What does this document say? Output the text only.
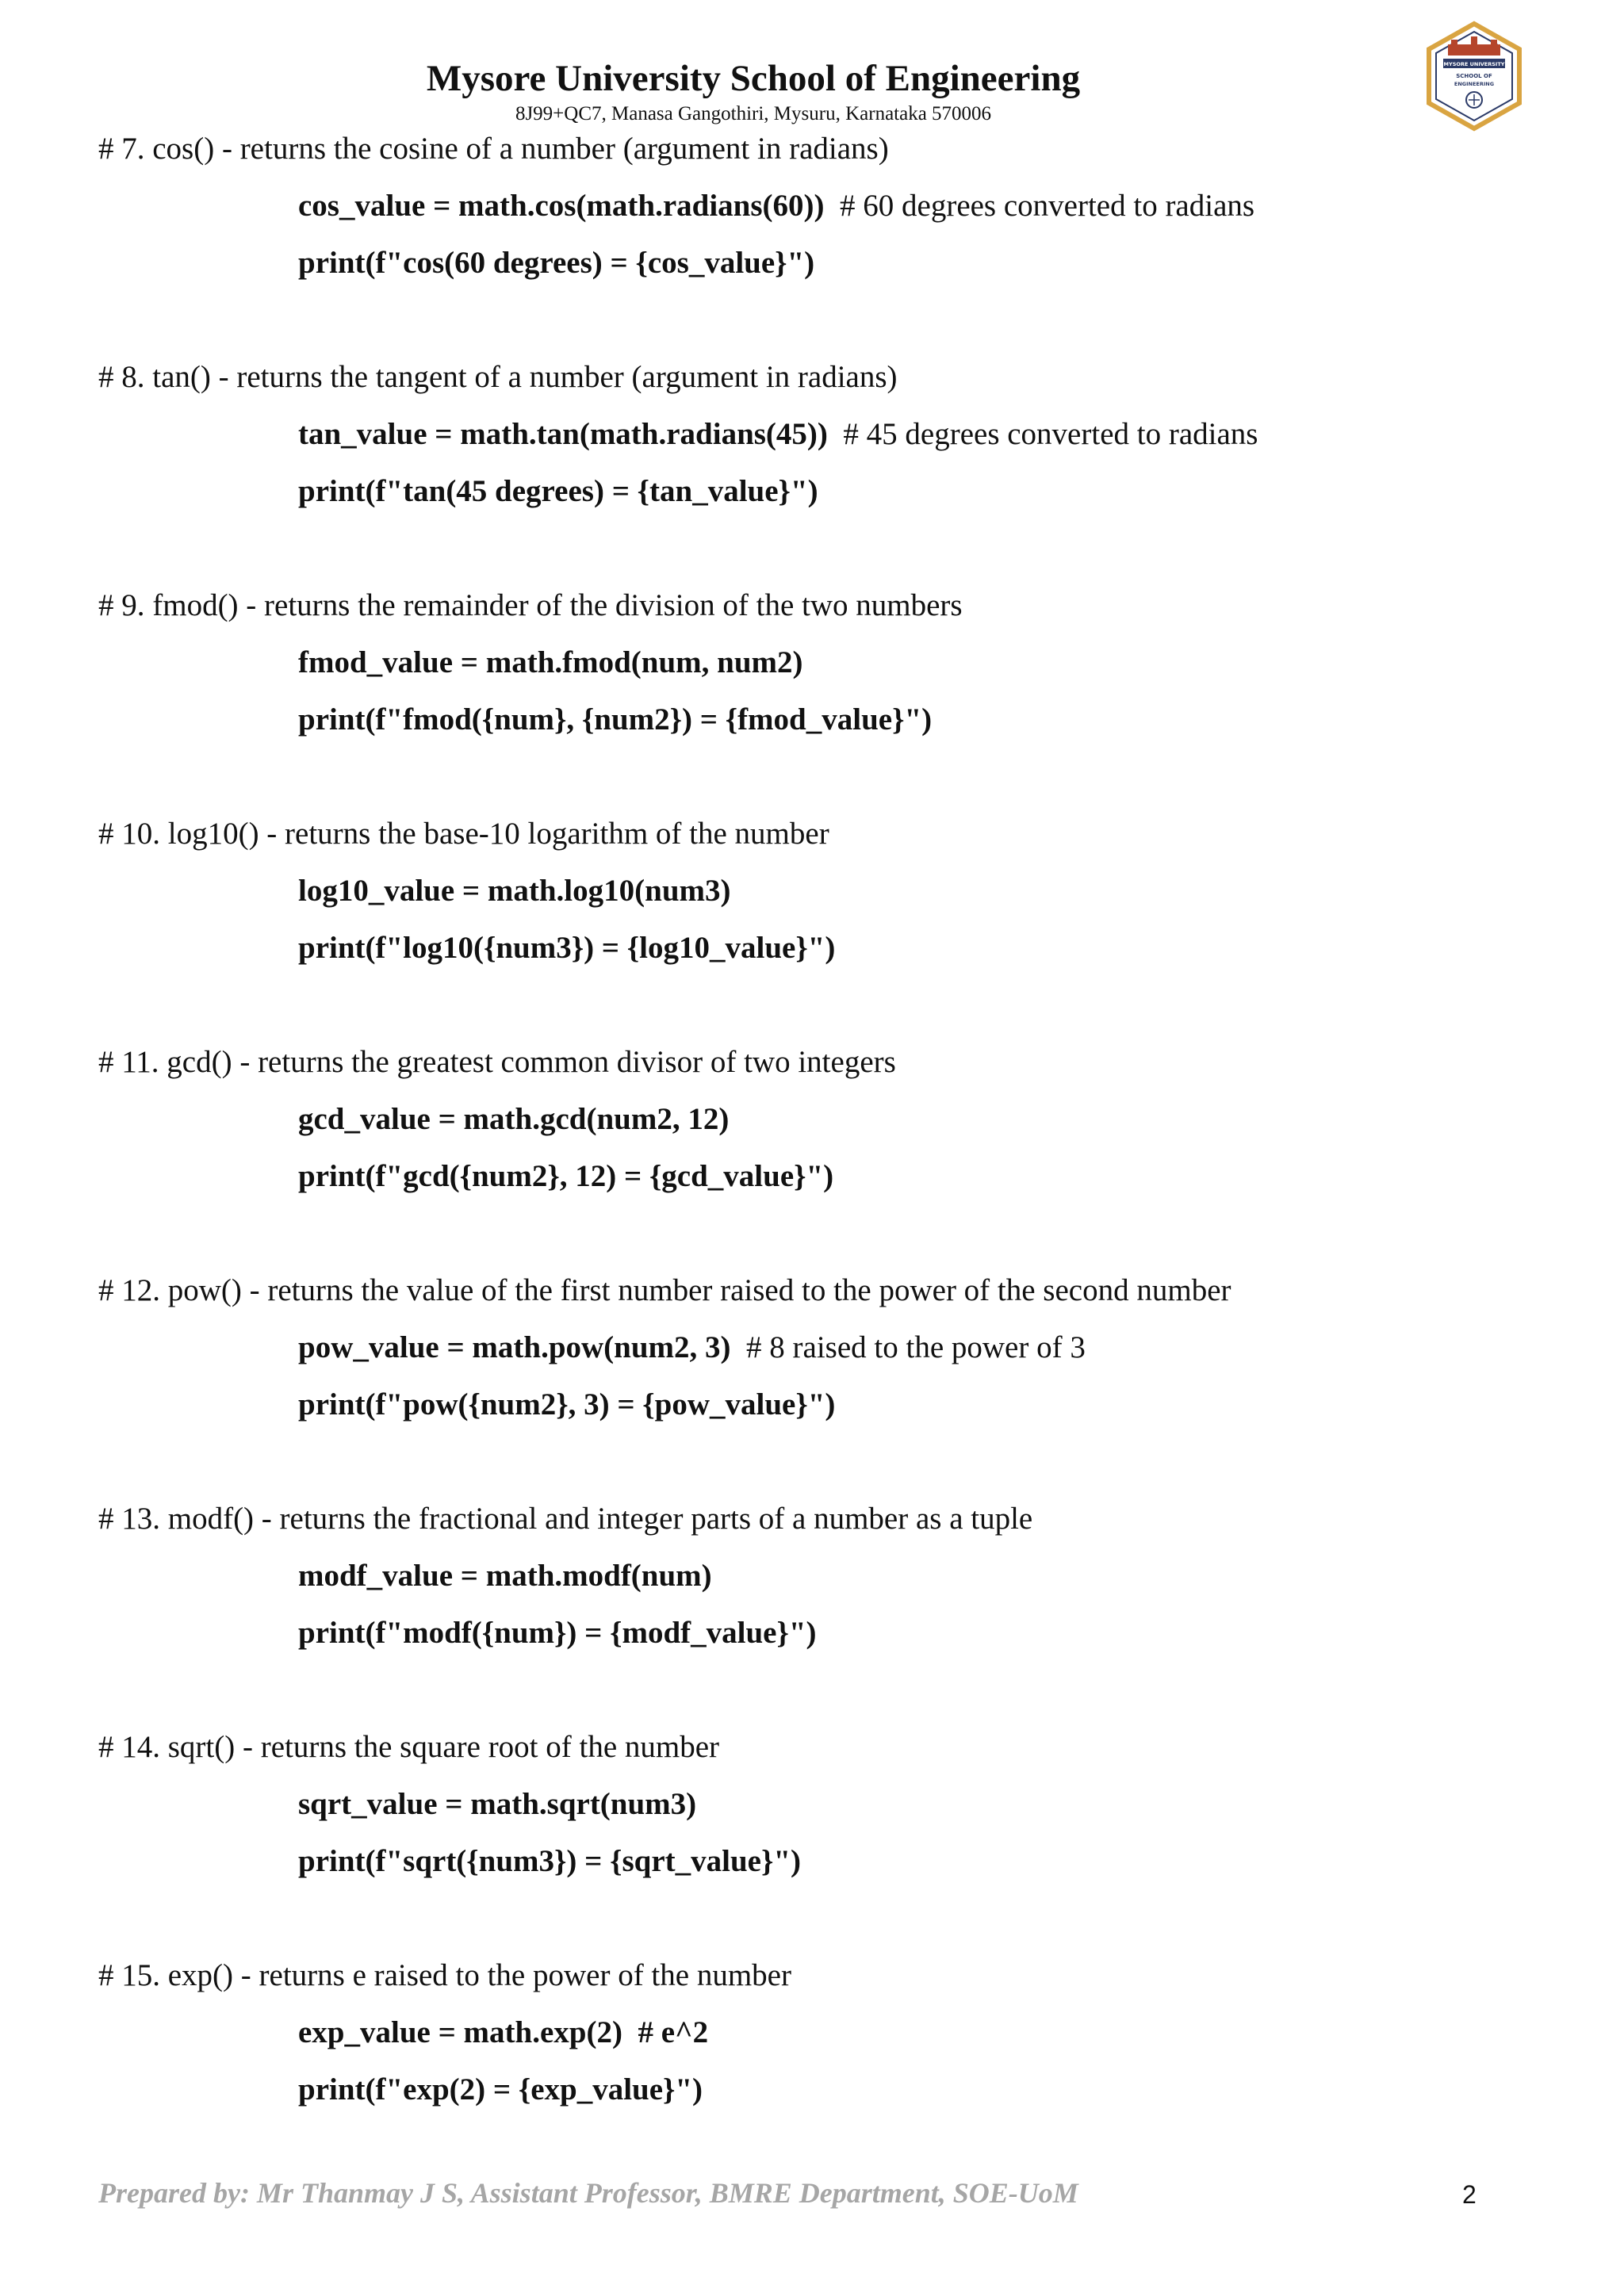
Mysore University School of Engineering
8J99+QC7, Manasa Gangothiri, Mysuru, Karnataka 570006
MYSORE UNIVERSITY
SCHOOL OF
ENGINEERING
# 7. cos() - returns the cosine of a number (argument in radians)
cos_value = math.cos(math.radians(60))  # 60 degrees converted to radians
print(f"cos(60 degrees) = {cos_value}")
# 8. tan() - returns the tangent of a number (argument in radians)
tan_value = math.tan(math.radians(45))  # 45 degrees converted to radians
print(f"tan(45 degrees) = {tan_value}")
# 9. fmod() - returns the remainder of the division of the two numbers
fmod_value = math.fmod(num, num2)
print(f"fmod({num}, {num2}) = {fmod_value}")
# 10. log10() - returns the base-10 logarithm of the number
log10_value = math.log10(num3)
print(f"log10({num3}) = {log10_value}")
# 11. gcd() - returns the greatest common divisor of two integers
gcd_value = math.gcd(num2, 12)
print(f"gcd({num2}, 12) = {gcd_value}")
# 12. pow() - returns the value of the first number raised to the power of the second number
pow_value = math.pow(num2, 3)  # 8 raised to the power of 3
print(f"pow({num2}, 3) = {pow_value}")
# 13. modf() - returns the fractional and integer parts of a number as a tuple
modf_value = math.modf(num)
print(f"modf({num}) = {modf_value}")
# 14. sqrt() - returns the square root of the number
sqrt_value = math.sqrt(num3)
print(f"sqrt({num3}) = {sqrt_value}")
# 15. exp() - returns e raised to the power of the number
exp_value = math.exp(2)  # e^2
print(f"exp(2) = {exp_value}")
Prepared by: Mr Thanmay J S, Assistant Professor, BMRE Department, SOE-UoM	2
